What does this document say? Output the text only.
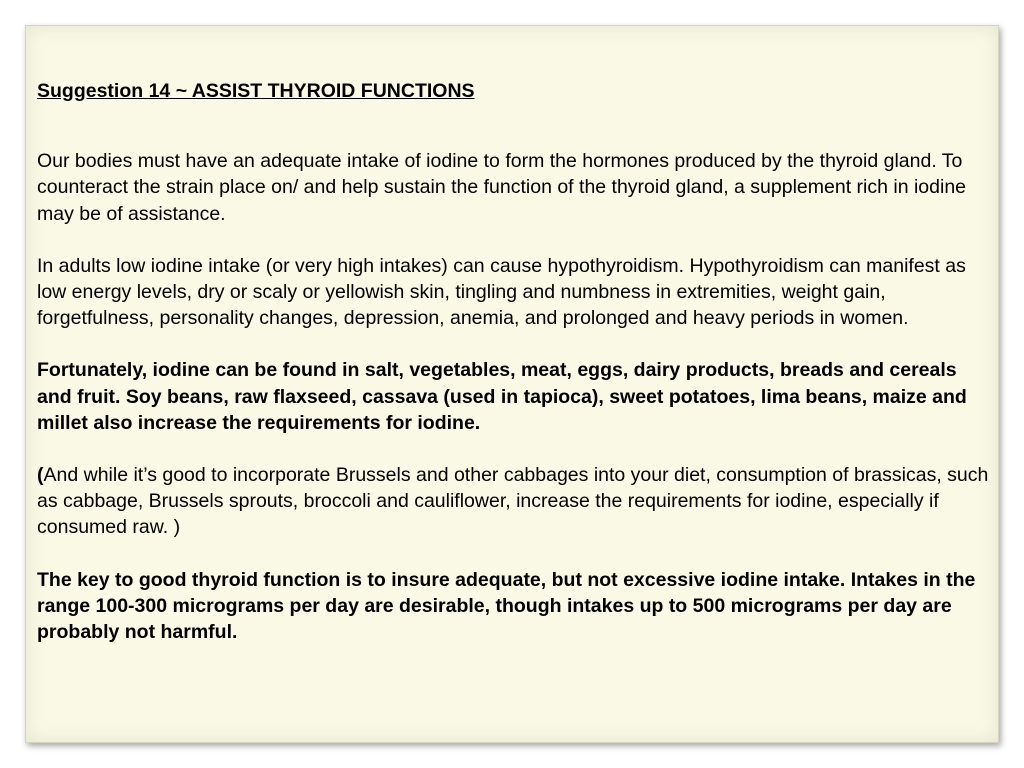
Suggestion 14 ~ ASSIST THYROID FUNCTIONS

Our bodies must have an adequate intake of iodine to form the hormones produced by the thyroid gland. To counteract the strain place on/ and help sustain the function of the thyroid gland, a supplement rich in iodine may be of assistance.

In adults low iodine intake (or very high intakes) can cause hypothyroidism. Hypothyroidism can manifest as low energy levels, dry or scaly or yellowish skin, tingling and numbness in extremities, weight gain, forgetfulness, personality changes, depression, anemia, and prolonged and heavy periods in women.

Fortunately, iodine can be found in salt, vegetables, meat, eggs, dairy products, breads and cereals and fruit. Soy beans, raw flaxseed, cassava (used in tapioca), sweet potatoes, lima beans, maize and millet also increase the requirements for iodine.

(And while it’s good to incorporate Brussels and other cabbages into your diet, consumption of brassicas, such as cabbage, Brussels sprouts, broccoli and cauliflower, increase the requirements for iodine, especially if consumed raw. )

The key to good thyroid function is to insure adequate, but not excessive iodine intake. Intakes in the range 100-300 micrograms per day are desirable, though intakes up to 500 micrograms per day are probably not harmful.
